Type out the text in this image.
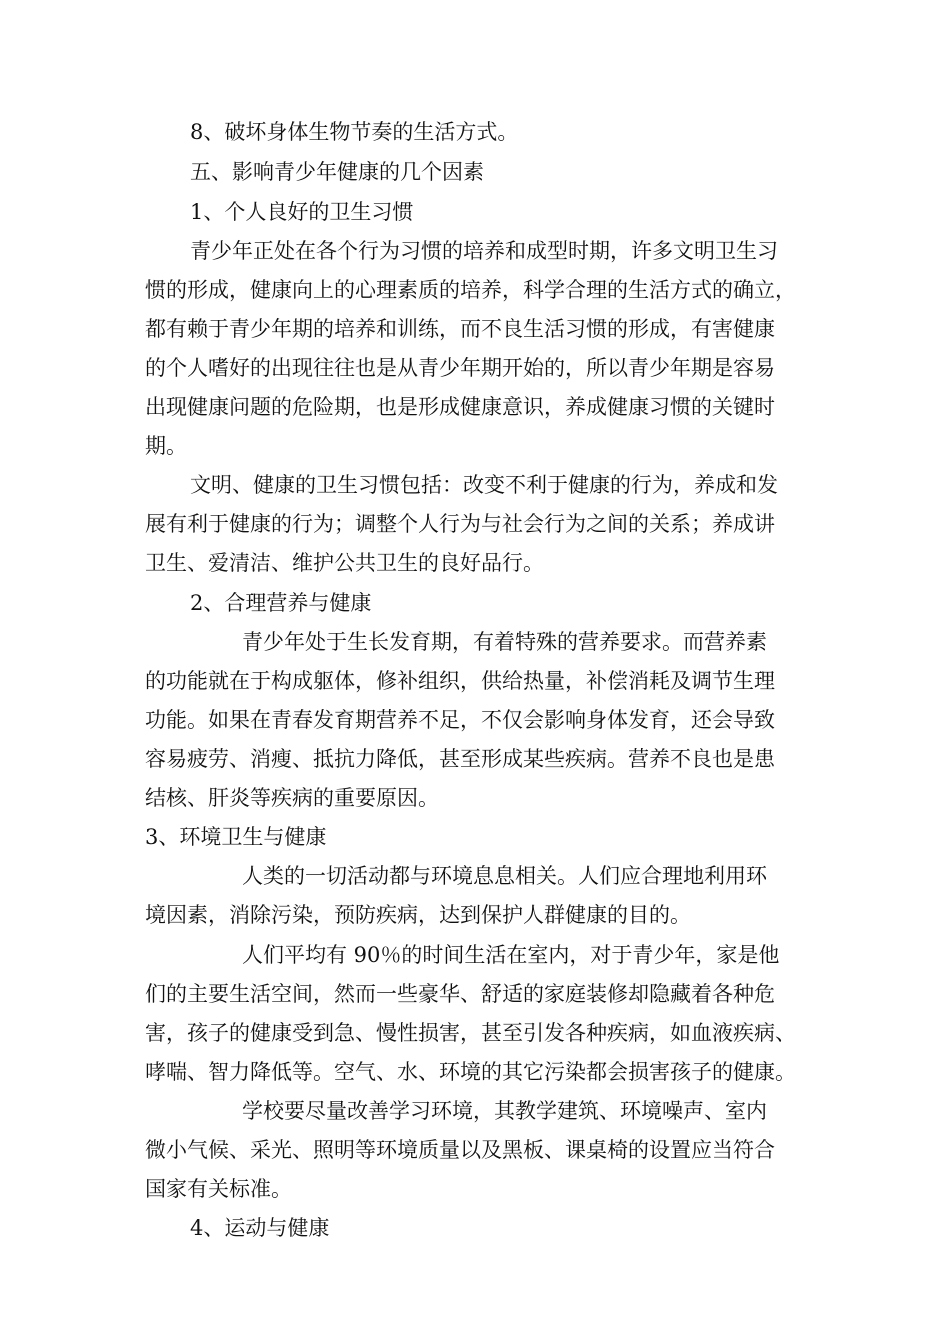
8、破坏身体生物节奏的生活方式。

五、影响青少年健康的几个因素

1、个人良好的卫生习惯

青少年正处在各个行为习惯的培养和成型时期，许多文明卫生习

惯的形成，健康向上的心理素质的培养，科学合理的生活方式的确立，

都有赖于青少年期的培养和训练，而不良生活习惯的形成，有害健康

的个人嗜好的出现往往也是从青少年期开始的，所以青少年期是容易

出现健康问题的危险期，也是形成健康意识，养成健康习惯的关键时

期。

文明、健康的卫生习惯包括：改变不利于健康的行为，养成和发

展有利于健康的行为；调整个人行为与社会行为之间的关系；养成讲

卫生、爱清洁、维护公共卫生的良好品行。

2、合理营养与健康

青少年处于生长发育期，有着特殊的营养要求。而营养素

的功能就在于构成躯体，修补组织，供给热量，补偿消耗及调节生理

功能。如果在青春发育期营养不足，不仅会影响身体发育，还会导致

容易疲劳、消瘦、抵抗力降低，甚至形成某些疾病。营养不良也是患

结核、肝炎等疾病的重要原因。

3、环境卫生与健康

人类的一切活动都与环境息息相关。人们应合理地利用环

境因素，消除污染，预防疾病，达到保护人群健康的目的。

人们平均有 90％的时间生活在室内，对于青少年，家是他

们的主要生活空间，然而一些豪华、舒适的家庭装修却隐藏着各种危

害，孩子的健康受到急、慢性损害，甚至引发各种疾病，如血液疾病、

哮喘、智力降低等。空气、水、环境的其它污染都会损害孩子的健康。

学校要尽量改善学习环境，其教学建筑、环境噪声、室内

微小气候、采光、照明等环境质量以及黑板、课桌椅的设置应当符合

国家有关标准。

4、运动与健康
